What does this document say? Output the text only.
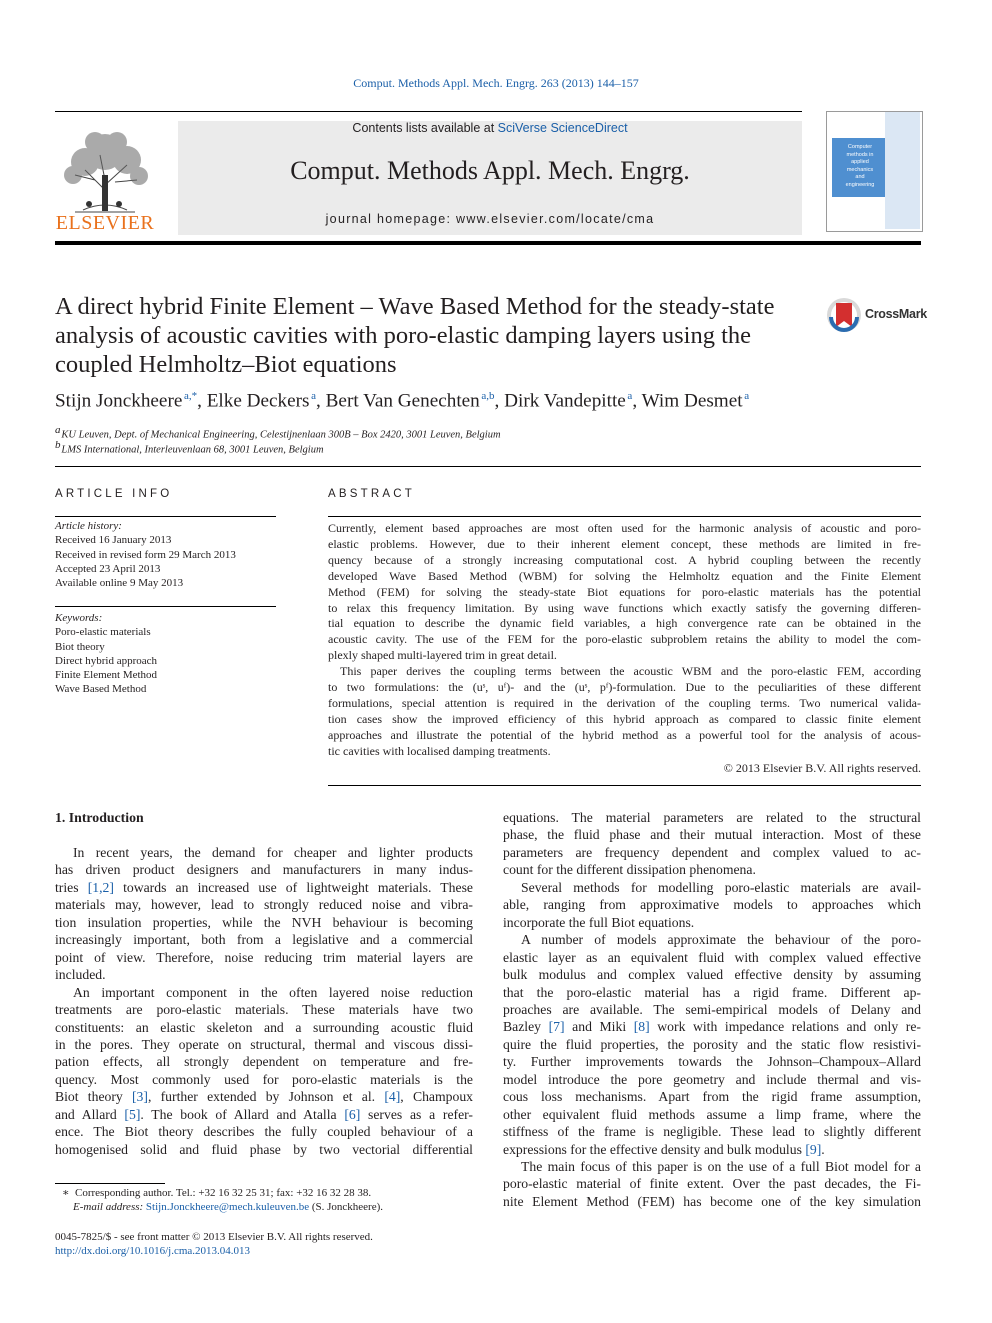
Comput. Methods Appl. Mech. Engrg. 263 (2013) 144–157
Contents lists available at SciVerse ScienceDirect
Comput. Methods Appl. Mech. Engrg.
journal homepage: www.elsevier.com/locate/cma
ELSEVIER
Computer
methods in
applied
mechanics
and
engineering
A direct hybrid Finite Element – Wave Based Method for the steady-state analysis of acoustic cavities with poro-elastic damping layers using the coupled Helmholtz–Biot equations
CrossMark
Stijn Jonckheere  $^{a,*}$, Elke Deckers  $^a$, Bert Van Genechten  $^{a,b}$, Dirk Vandepitte  $^a$, Wim Desmet  $^a$
$^a$ KU Leuven, Dept. of Mechanical Engineering, Celestijnenlaan 300B – Box 2420, 3001 Leuven, Belgium
$^b$ LMS International, Interleuvenlaan 68, 3001 Leuven, Belgium
ARTICLE INFO
Article history:
Received 16 January 2013
Received in revised form 29 March 2013
Accepted 23 April 2013
Available online 9 May 2013
Keywords:
Poro-elastic materials
Biot theory
Direct hybrid approach
Finite Element Method
Wave Based Method
ABSTRACT
Currently, element based approaches are most often used for the harmonic analysis of acoustic and poro-
elastic problems. However, due to their inherent element concept, these methods are limited in fre-
quency because of a strongly increasing computational cost. A hybrid coupling between the recently
developed Wave Based Method (WBM) for solving the Helmholtz equation and the Finite Element
Method (FEM) for solving the steady-state Biot equations for poro-elastic materials has the potential
to relax this frequency limitation. By using wave functions which exactly satisfy the governing differen-
tial equation to describe the dynamic field variables, a high convergence rate can be obtained in the
acoustic cavity. The use of the FEM for the poro-elastic subproblem retains the ability to model the com-
plexly shaped multi-layered trim in great detail.
This paper derives the coupling terms between the acoustic WBM and the poro-elastic FEM, according
to two formulations: the (uˢ, uᶠ)- and the (uˢ, pᶠ)-formulation. Due to the peculiarities of these different
formulations, special attention is required in the derivation of the coupling terms. Two numerical valida-
tion cases show the improved efficiency of this hybrid approach as compared to classic finite element
approaches and illustrate the potential of the hybrid method as a powerful tool for the analysis of acous-
tic cavities with localised damping treatments.
© 2013 Elsevier B.V. All rights reserved.
1. Introduction
In recent years, the demand for cheaper and lighter products
has driven product designers and manufacturers in many indus-
tries [1,2] towards an increased use of lightweight materials. These
materials may, however, lead to strongly reduced noise and vibra-
tion insulation properties, while the NVH behaviour is becoming
increasingly important, both from a legislative and a commercial
point of view. Therefore, noise reducing trim material layers are
included.
An important component in the often layered noise reduction
treatments are poro-elastic materials. These materials have two
constituents: an elastic skeleton and a surrounding acoustic fluid
in the pores. They operate on structural, thermal and viscous dissi-
pation effects, all strongly dependent on temperature and fre-
quency. Most commonly used for poro-elastic materials is the
Biot theory [3], further extended by Johnson et al. [4], Champoux
and Allard [5]. The book of Allard and Atalla [6] serves as a refer-
ence. The Biot theory describes the fully coupled behaviour of a
homogenised solid and fluid phase by two vectorial differential
equations. The material parameters are related to the structural
phase, the fluid phase and their mutual interaction. Most of these
parameters are frequency dependent and complex valued to ac-
count for the different dissipation phenomena.
Several methods for modelling poro-elastic materials are avail-
able, ranging from approximative models to approaches which
incorporate the full Biot equations.
A number of models approximate the behaviour of the poro-
elastic layer as an equivalent fluid with complex valued effective
bulk modulus and complex valued effective density by assuming
that the poro-elastic material has a rigid frame. Different ap-
proaches are available. The semi-empirical models of Delany and
Bazley [7] and Miki [8] work with impedance relations and only re-
quire the fluid properties, the porosity and the static flow resistivi-
ty. Further improvements towards the Johnson–Champoux–Allard
model introduce the pore geometry and include thermal and vis-
cous loss mechanisms. Apart from the rigid frame assumption,
other equivalent fluid methods assume a limp frame, where the
stiffness of the frame is negligible. These lead to slightly different
expressions for the effective density and bulk modulus [9].
The main focus of this paper is on the use of a full Biot model for a
poro-elastic material of finite extent. Over the past decades, the Fi-
nite Element Method (FEM) has become one of the key simulation
∗  Corresponding author. Tel.: +32 16 32 25 31; fax: +32 16 32 28 38.
E-mail address: Stijn.Jonckheere@mech.kuleuven.be (S. Jonckheere).
0045-7825/$ - see front matter © 2013 Elsevier B.V. All rights reserved.
http://dx.doi.org/10.1016/j.cma.2013.04.013
